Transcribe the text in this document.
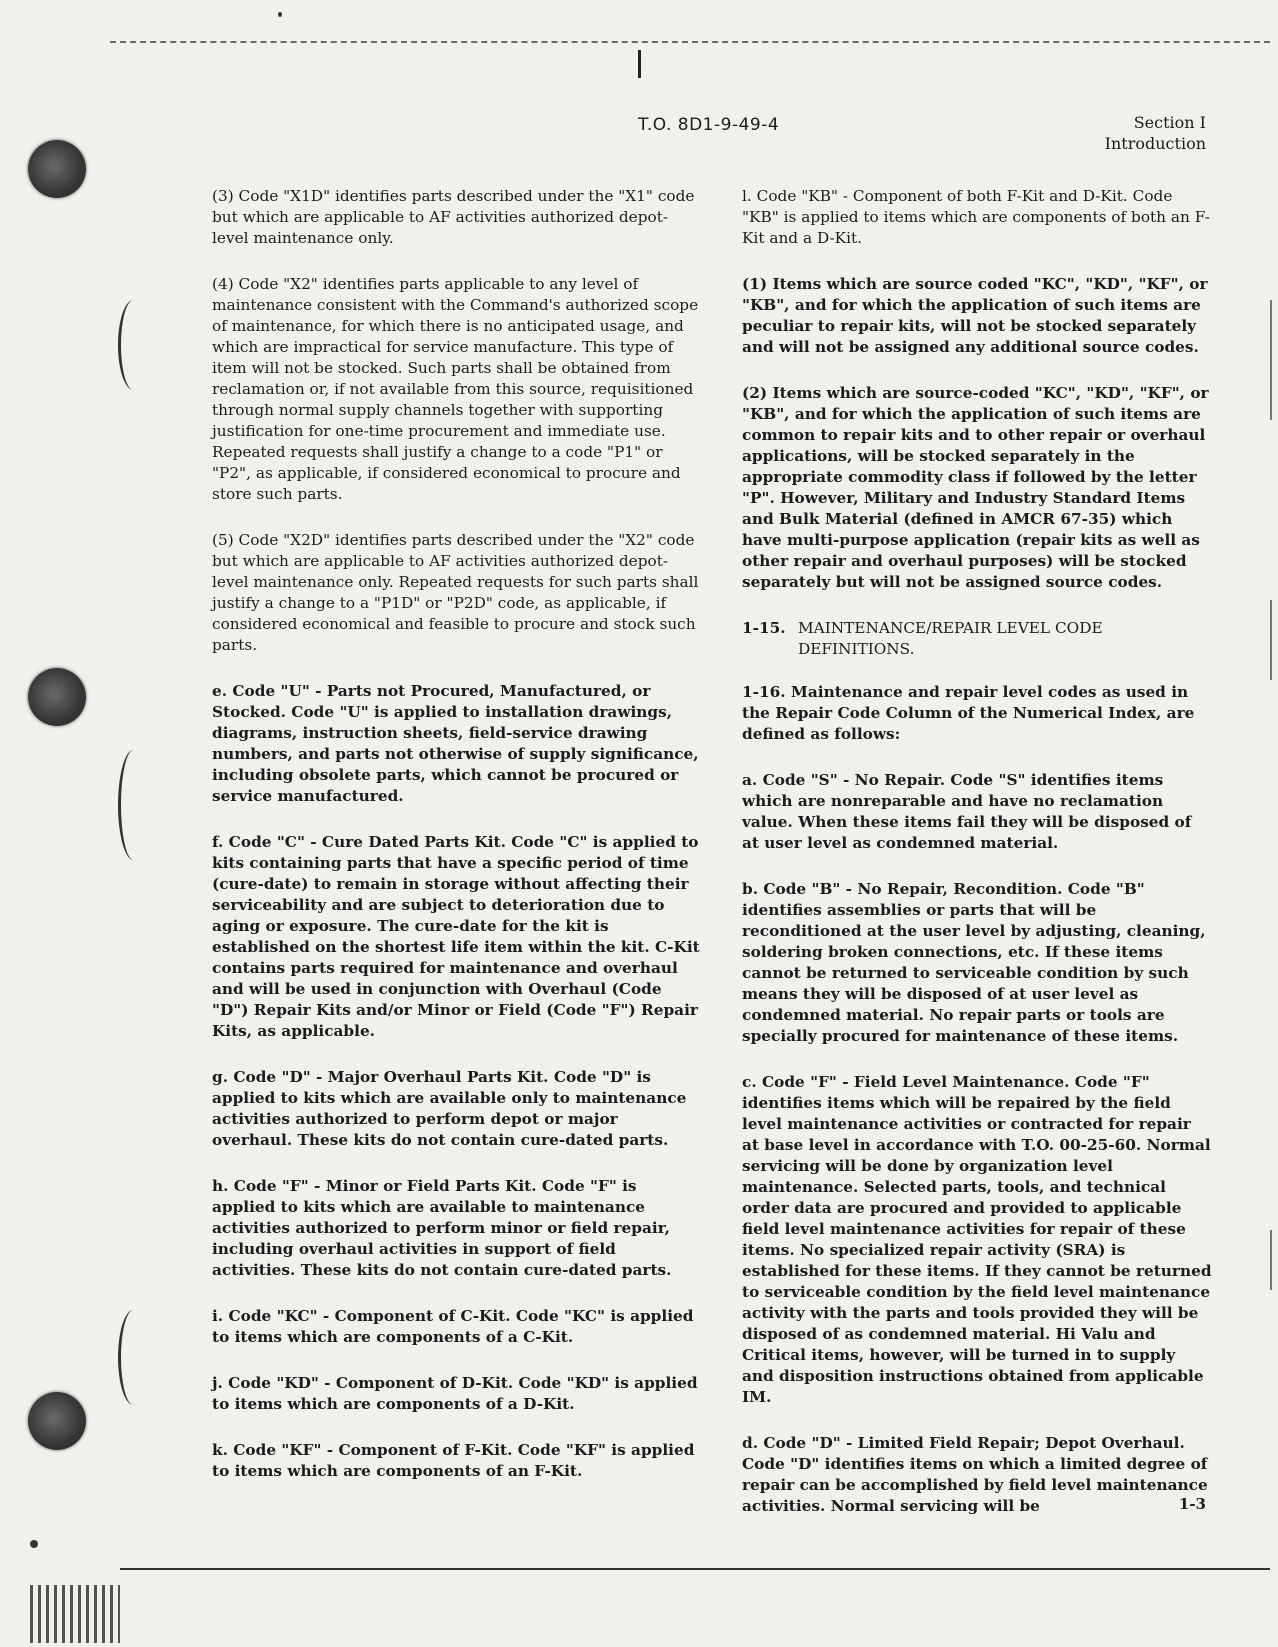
T.O. 8D1-9-49-4	Section I
Introduction

(3) Code "X1D" identifies parts described under the "X1" code but which are applicable to AF activities authorized depot-level maintenance only.

(4) Code "X2" identifies parts applicable to any level of maintenance consistent with the Command's authorized scope of maintenance, for which there is no anticipated usage, and which are impractical for service manufacture. This type of item will not be stocked. Such parts shall be obtained from reclamation or, if not available from this source, requisitioned through normal supply channels together with supporting justification for one-time procurement and immediate use. Repeated requests shall justify a change to a code "P1" or "P2", as applicable, if considered economical to procure and store such parts.

(5) Code "X2D" identifies parts described under the "X2" code but which are applicable to AF activities authorized depot-level maintenance only. Repeated requests for such parts shall justify a change to a "P1D" or "P2D" code, as applicable, if considered economical and feasible to procure and stock such parts.

e. Code "U" - Parts not Procured, Manufactured, or Stocked. Code "U" is applied to installation drawings, diagrams, instruction sheets, field-service drawing numbers, and parts not otherwise of supply significance, including obsolete parts, which cannot be procured or service manufactured.

f. Code "C" - Cure Dated Parts Kit. Code "C" is applied to kits containing parts that have a specific period of time (cure-date) to remain in storage without affecting their serviceability and are subject to deterioration due to aging or exposure. The cure-date for the kit is established on the shortest life item within the kit. C-Kit contains parts required for maintenance and overhaul and will be used in conjunction with Overhaul (Code "D") Repair Kits and/or Minor or Field (Code "F") Repair Kits, as applicable.

g. Code "D" - Major Overhaul Parts Kit. Code "D" is applied to kits which are available only to maintenance activities authorized to perform depot or major overhaul. These kits do not contain cure-dated parts.

h. Code "F" - Minor or Field Parts Kit. Code "F" is applied to kits which are available to maintenance activities authorized to perform minor or field repair, including overhaul activities in support of field activities. These kits do not contain cure-dated parts.

i. Code "KC" - Component of C-Kit. Code "KC" is applied to items which are components of a C-Kit.

j. Code "KD" - Component of D-Kit. Code "KD" is applied to items which are components of a D-Kit.

k. Code "KF" - Component of F-Kit. Code "KF" is applied to items which are components of an F-Kit.

l. Code "KB" - Component of both F-Kit and D-Kit. Code "KB" is applied to items which are components of both an F-Kit and a D-Kit.

(1) Items which are source coded "KC", "KD", "KF", or "KB", and for which the application of such items are peculiar to repair kits, will not be stocked separately and will not be assigned any additional source codes.

(2) Items which are source-coded "KC", "KD", "KF", or "KB", and for which the application of such items are common to repair kits and to other repair or overhaul applications, will be stocked separately in the appropriate commodity class if followed by the letter "P". However, Military and Industry Standard Items and Bulk Material (defined in AMCR 67-35) which have multi-purpose application (repair kits as well as other repair and overhaul purposes) will be stocked separately but will not be assigned source codes.

1-15. MAINTENANCE/REPAIR LEVEL CODE DEFINITIONS.

1-16. Maintenance and repair level codes as used in the Repair Code Column of the Numerical Index, are defined as follows:

a. Code "S" - No Repair. Code "S" identifies items which are nonreparable and have no reclamation value. When these items fail they will be disposed of at user level as condemned material.

b. Code "B" - No Repair, Recondition. Code "B" identifies assemblies or parts that will be reconditioned at the user level by adjusting, cleaning, soldering broken connections, etc. If these items cannot be returned to serviceable condition by such means they will be disposed of at user level as condemned material. No repair parts or tools are specially procured for maintenance of these items.

c. Code "F" - Field Level Maintenance. Code "F" identifies items which will be repaired by the field level maintenance activities or contracted for repair at base level in accordance with T.O. 00-25-60. Normal servicing will be done by organization level maintenance. Selected parts, tools, and technical order data are procured and provided to applicable field level maintenance activities for repair of these items. No specialized repair activity (SRA) is established for these items. If they cannot be returned to serviceable condition by the field level maintenance activity with the parts and tools provided they will be disposed of as condemned material. Hi Valu and Critical items, however, will be turned in to supply and disposition instructions obtained from applicable IM.

d. Code "D" - Limited Field Repair; Depot Overhaul. Code "D" identifies items on which a limited degree of repair can be accomplished by field level maintenance activities. Normal servicing will be	1-3
